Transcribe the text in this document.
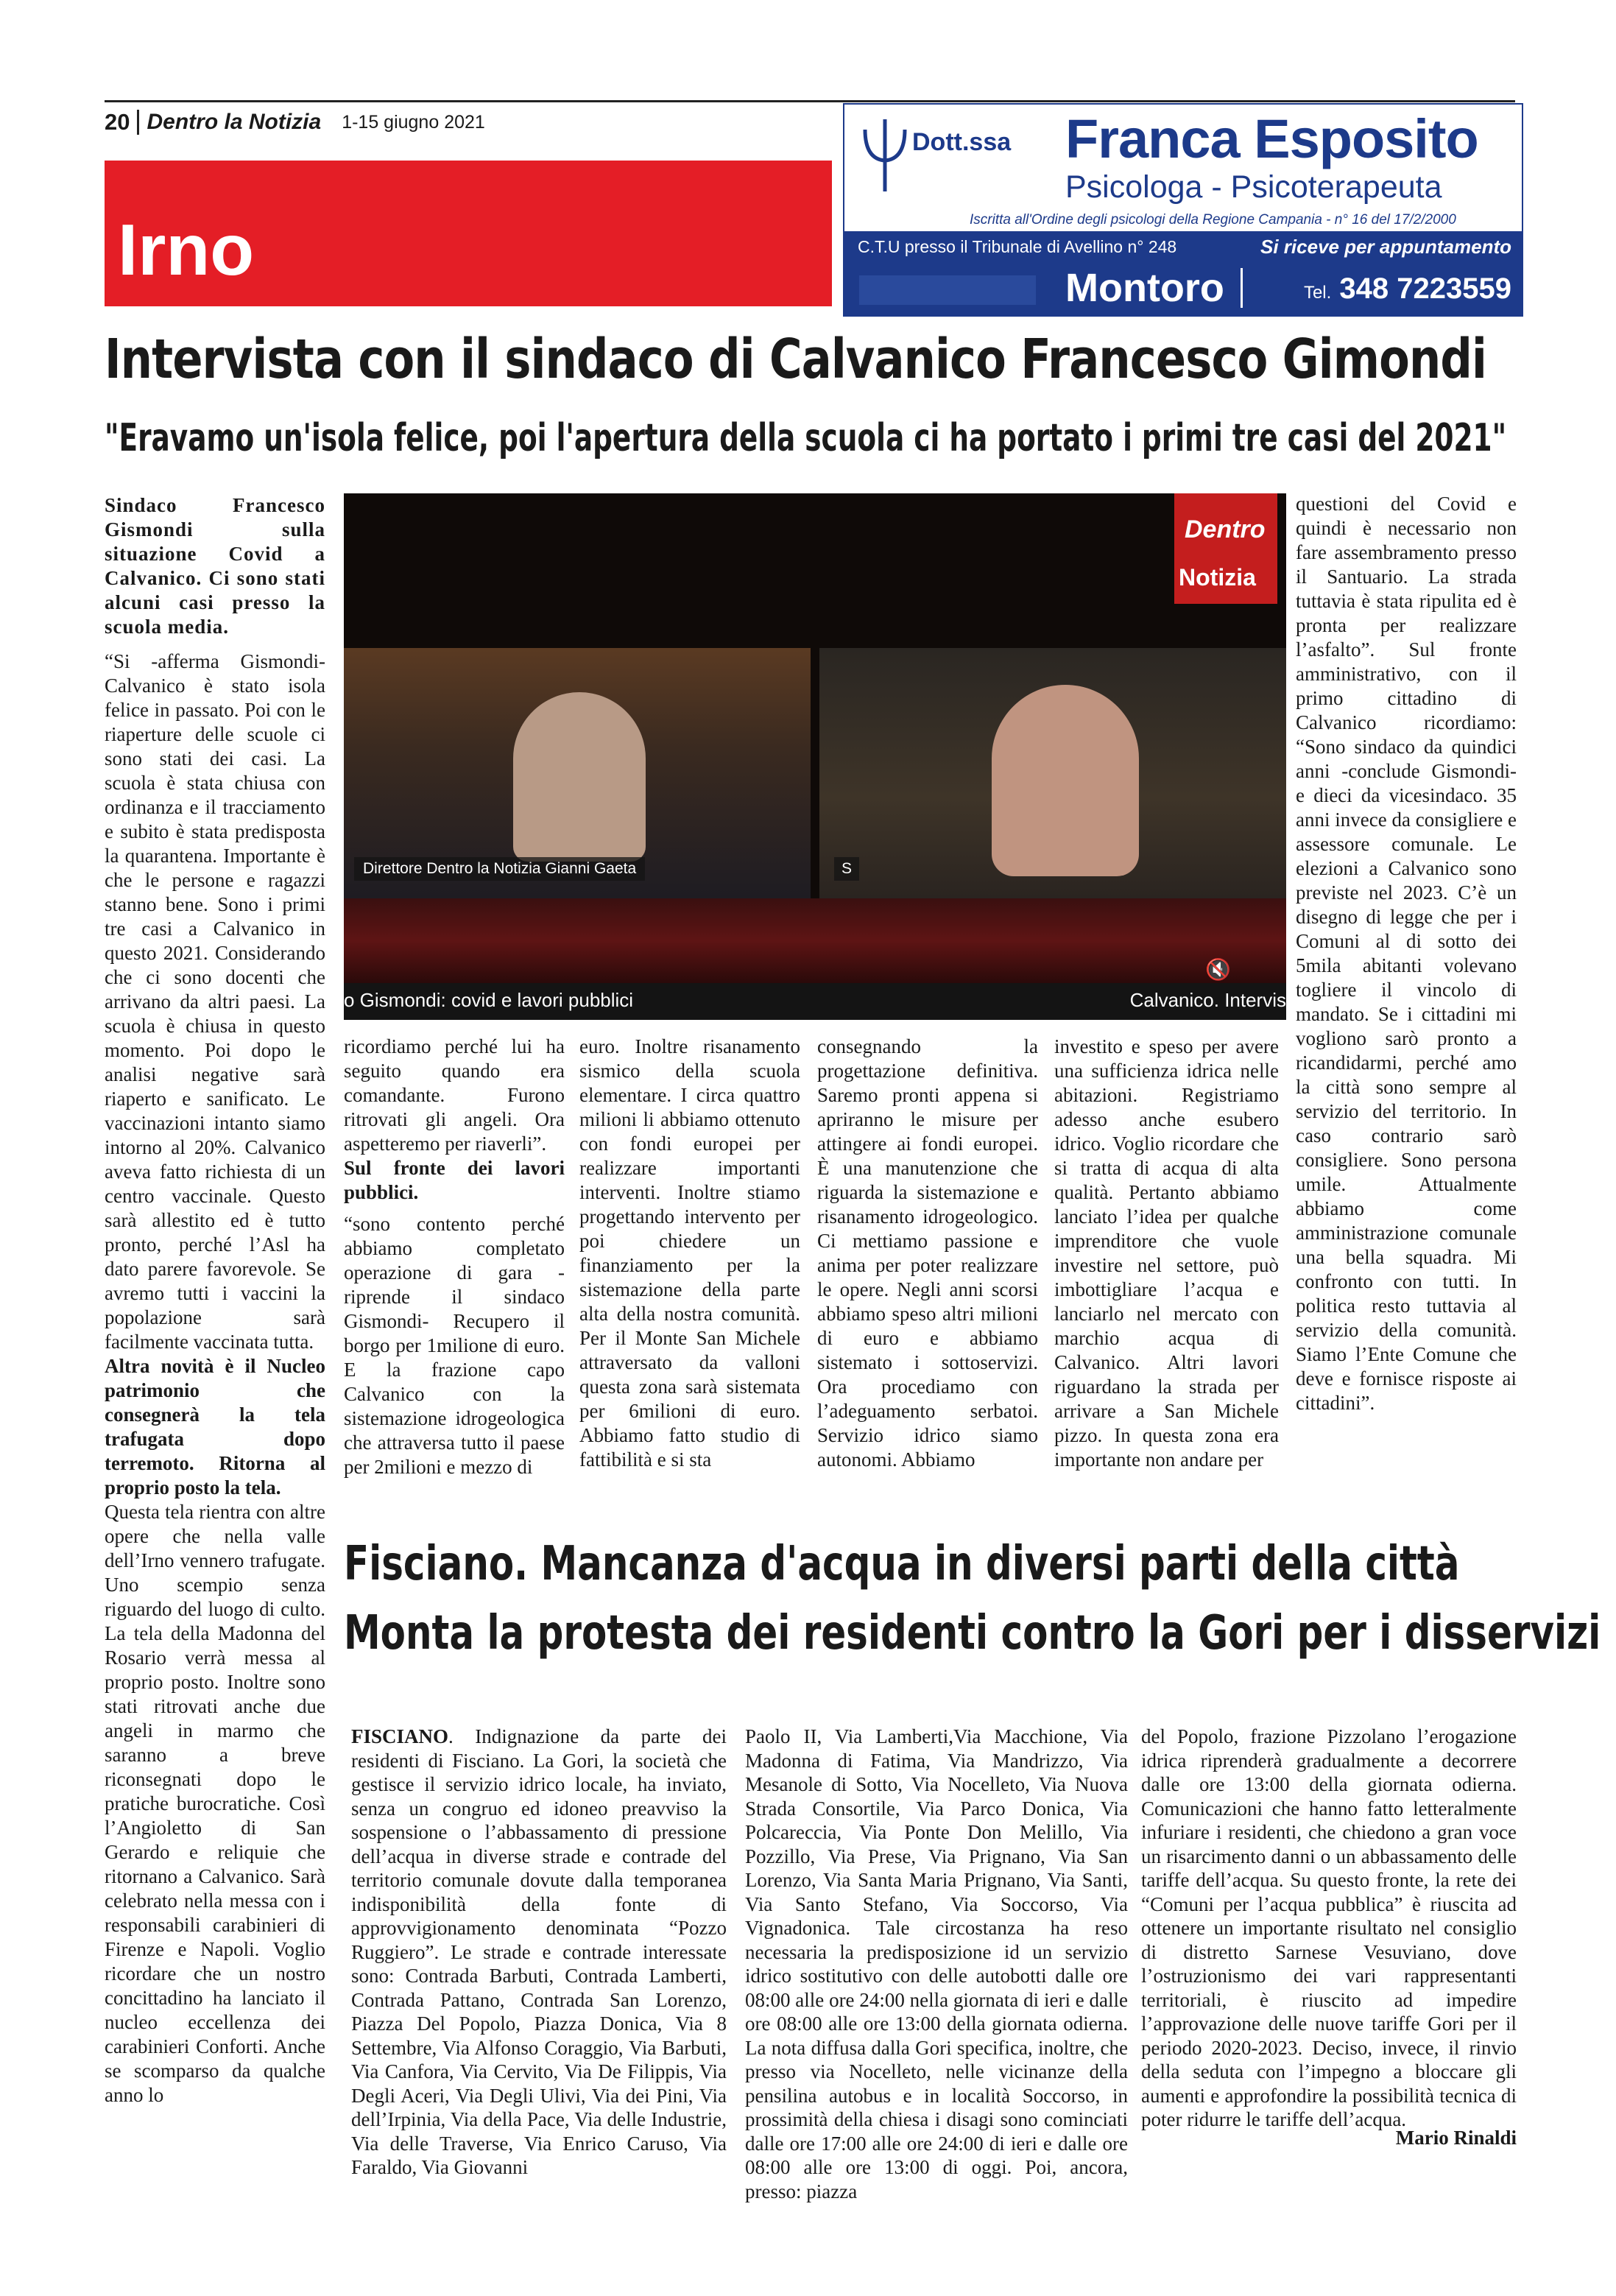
20 Dentro la Notizia 1-15 giugno 2021
Irno
Dott.ssa Franca Esposito
Psicologa - Psicoterapeuta
Iscritta all'Ordine degli psicologi della Regione Campania - n° 16 del 17/2/2000
C.T.U presso il Tribunale di Avellino n° 248	Si riceve per appuntamento
Montoro	Tel. 348 7223559
Intervista con il sindaco di Calvanico Francesco Gimondi
"Eravamo un'isola felice, poi l'apertura della scuola ci ha portato i primi tre casi del 2021"

Sindaco Francesco Gismondi sulla situazione Covid a Calvanico. Ci sono stati alcuni casi presso la scuola media.

“Si -afferma Gismondi- Calvanico è stato isola felice in passato. Poi con le riaperture delle scuole ci sono stati dei casi. La scuola è stata chiusa con ordinanza e il tracciamento e subito è stata predisposta la quarantena. Importante è che le persone e ragazzi stanno bene. Sono i primi tre casi a Calvanico in questo 2021. Considerando che ci sono docenti che arrivano da altri paesi. La scuola è chiusa in questo momento. Poi dopo le analisi negative sarà riaperto e sanificato. Le vaccinazioni intanto siamo intorno al 20%. Calvanico aveva fatto richiesta di un centro vaccinale. Questo sarà allestito ed è tutto pronto, perché l’Asl ha dato parere favorevole. Se avremo tutti i vaccini la popolazione sarà facilmente vaccinata tutta.

Altra novità è il Nucleo patrimonio che consegnerà la tela trafugata dopo terremoto. Ritorna al proprio posto la tela.

Questa tela rientra con altre opere che nella valle dell’Irno vennero trafugate. Uno scempio senza riguardo del luogo di culto. La tela della Madonna del Rosario verrà messa al proprio posto. Inoltre sono stati ritrovati anche due angeli in marmo che saranno a breve riconsegnati dopo le pratiche burocratiche. Così l’Angioletto di San Gerardo e reliquie che ritornano a Calvanico. Sarà celebrato nella messa con i responsabili carabinieri di Firenze e Napoli. Voglio ricordare che un nostro concittadino ha lanciato il nucleo eccellenza dei carabinieri Conforti. Anche se scomparso da qualche anno lo

Direttore Dentro la Notizia Gianni Gaeta	S
Dentro
Notizia
🔇
o Gismondi: covid e lavori pubblici	Calvanico. Intervis

ricordiamo perché lui ha seguito quando era comandante. Furono ritrovati gli angeli. Ora aspetteremo per riaverli”.

Sul fronte dei lavori pubblici.

“sono contento perché abbiamo completato operazione di gara - riprende il sindaco Gismondi- Recupero il borgo per 1milione di euro. E la frazione capo Calvanico con la sistemazione idrogeologica che attraversa tutto il paese per 2milioni e mezzo di

euro. Inoltre risanamento sismico della scuola elementare. I circa quattro milioni li abbiamo ottenuto con fondi europei per realizzare importanti interventi. Inoltre stiamo progettando intervento per poi chiedere un finanziamento per la sistemazione della parte alta della nostra comunità. Per il Monte San Michele attraversato da valloni questa zona sarà sistemata per 6milioni di euro. Abbiamo fatto studio di fattibilità e si sta

consegnando la progettazione definitiva. Saremo pronti appena si apriranno le misure per attingere ai fondi europei. È una manutenzione che riguarda la sistemazione e risanamento idrogeologico. Ci mettiamo passione e anima per poter realizzare le opere. Negli anni scorsi abbiamo speso altri milioni di euro e abbiamo sistemato i sottoservizi. Ora procediamo con l’adeguamento serbatoi. Servizio idrico siamo autonomi. Abbiamo

investito e speso per avere una sufficienza idrica nelle abitazioni. Registriamo adesso anche esubero idrico. Voglio ricordare che si tratta di acqua di alta qualità. Pertanto abbiamo lanciato l’idea per qualche imprenditore che vuole investire nel settore, può imbottigliare l’acqua e lanciarlo nel mercato con marchio acqua di Calvanico. Altri lavori riguardano la strada per arrivare a San Michele pizzo. In questa zona era importante non andare per

questioni del Covid e quindi è necessario non fare assembramento presso il Santuario. La strada tuttavia è stata ripulita ed è pronta per realizzare l’asfalto”. Sul fronte amministrativo, con il primo cittadino di Calvanico ricordiamo: “Sono sindaco da quindici anni -conclude Gismondi- e dieci da vicesindaco. 35 anni invece da consigliere e assessore comunale. Le elezioni a Calvanico sono previste nel 2023. C’è un disegno di legge che per i Comuni al di sotto dei 5mila abitanti volevano togliere il vincolo di mandato. Se i cittadini mi vogliono sarò pronto a ricandidarmi, perché amo la città sono sempre al servizio del territorio. In caso contrario sarò consigliere. Sono persona umile. Attualmente abbiamo come amministrazione comunale una bella squadra. Mi confronto con tutti. In politica resto tuttavia al servizio della comunità. Siamo l’Ente Comune che deve e fornisce risposte ai cittadini”.

Fisciano. Mancanza d'acqua in diversi parti della città
Monta la protesta dei residenti contro la Gori per i disservizi

FISCIANO. Indignazione da parte dei residenti di Fisciano. La Gori, la società che gestisce il servizio idrico locale, ha inviato, senza un congruo ed idoneo preavviso la sospensione o l’abbassamento di pressione dell’acqua in diverse strade e contrade del territorio comunale dovute dalla temporanea indisponibilità della fonte di approvvigionamento denominata “Pozzo Ruggiero”. Le strade e contrade interessate sono: Contrada Barbuti, Contrada Lamberti, Contrada Pattano, Contrada San Lorenzo, Piazza Del Popolo, Piazza Donica, Via 8 Settembre, Via Alfonso Coraggio, Via Barbuti, Via Canfora, Via Cervito, Via De Filippis, Via Degli Aceri, Via Degli Ulivi, Via dei Pini, Via dell’Irpinia, Via della Pace, Via delle Industrie, Via delle Traverse, Via Enrico Caruso, Via Faraldo, Via Giovanni

Paolo II, Via Lamberti,Via Macchione, Via Madonna di Fatima, Via Mandrizzo, Via Mesanole di Sotto, Via Nocelleto, Via Nuova Strada Consortile, Via Parco Donica, Via Polcareccia, Via Ponte Don Melillo, Via Pozzillo, Via Prese, Via Prignano, Via San Lorenzo, Via Santa Maria Prignano, Via Santi, Via Santo Stefano, Via Soccorso, Via Vignadonica. Tale circostanza ha reso necessaria la predisposizione id un servizio idrico sostitutivo con delle autobotti dalle ore 08:00 alle ore 24:00 nella giornata di ieri e dalle ore 08:00 alle ore 13:00 della giornata odierna. La nota diffusa dalla Gori specifica, inoltre, che presso via Nocelleto, nelle vicinanze della pensilina autobus e in località Soccorso, in prossimità della chiesa i disagi sono cominciati dalle ore 17:00 alle ore 24:00 di ieri e dalle ore 08:00 alle ore 13:00 di oggi. Poi, ancora, presso: piazza

del Popolo, frazione Pizzolano l’erogazione idrica riprenderà gradualmente a decorrere dalle ore 13:00 della giornata odierna. Comunicazioni che hanno fatto letteralmente infuriare i residenti, che chiedono a gran voce un risarcimento danni o un abbassamento delle tariffe dell’acqua. Su questo fronte, la rete dei “Comuni per l’acqua pubblica” è riuscita ad ottenere un importante risultato nel consiglio di distretto Sarnese Vesuviano, dove l’ostruzionismo dei vari rappresentanti territoriali, è riuscito ad impedire l’approvazione delle nuove tariffe Gori per il periodo 2020-2023. Deciso, invece, il rinvio della seduta con l’impegno a bloccare gli aumenti e approfondire la possibilità tecnica di poter ridurre le tariffe dell’acqua.

Mario Rinaldi
